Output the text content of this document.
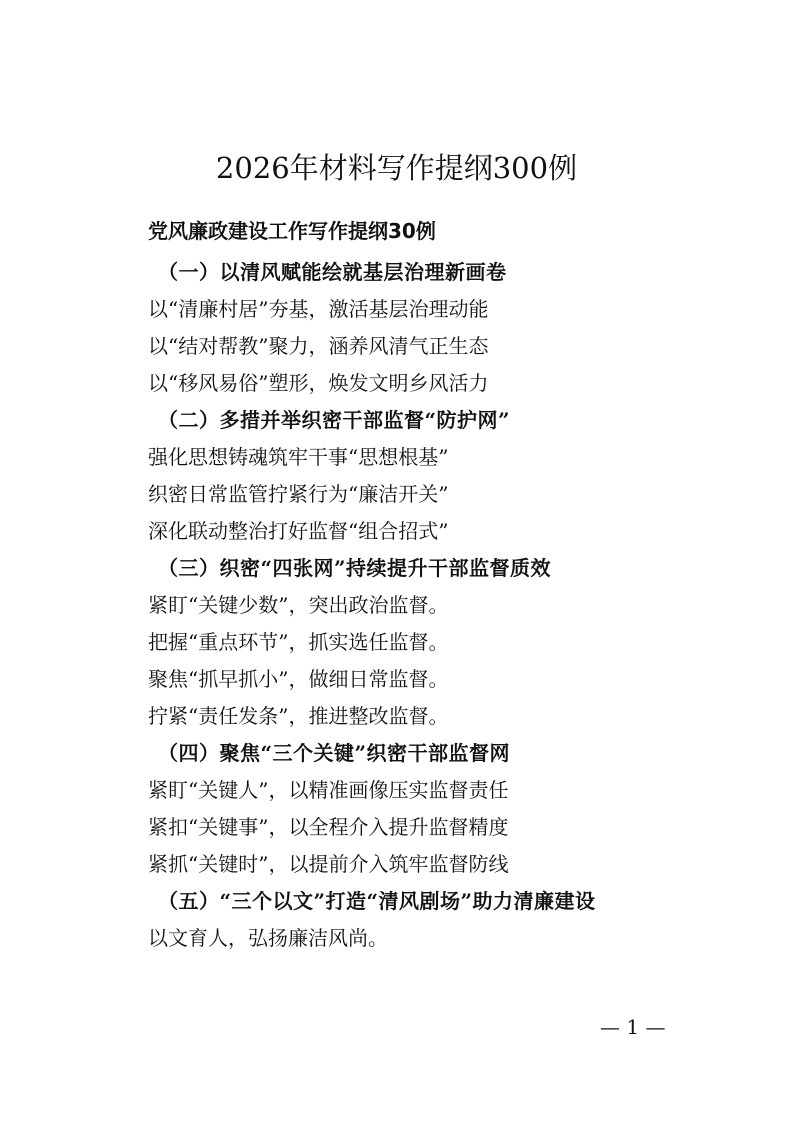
2026年材料写作提纲300例
党风廉政建设工作写作提纲30例
（一）以清风赋能绘就基层治理新画卷
以“清廉村居”夯基，激活基层治理动能
以“结对帮教”聚力，涵养风清气正生态
以“移风易俗”塑形，焕发文明乡风活力
（二）多措并举织密干部监督“防护网”
强化思想铸魂筑牢干事“思想根基”
织密日常监管拧紧行为“廉洁开关”
深化联动整治打好监督“组合招式”
（三）织密“四张网”持续提升干部监督质效
紧盯“关键少数”，突出政治监督。
把握“重点环节”，抓实选任监督。
聚焦“抓早抓小”，做细日常监督。
拧紧“责任发条”，推进整改监督。
（四）聚焦“三个关键”织密干部监督网
紧盯“关键人”，以精准画像压实监督责任
紧扣“关键事”，以全程介入提升监督精度
紧抓“关键时”，以提前介入筑牢监督防线
（五）“三个以文”打造“清风剧场”助力清廉建设
以文育人，弘扬廉洁风尚。
— 1 —
